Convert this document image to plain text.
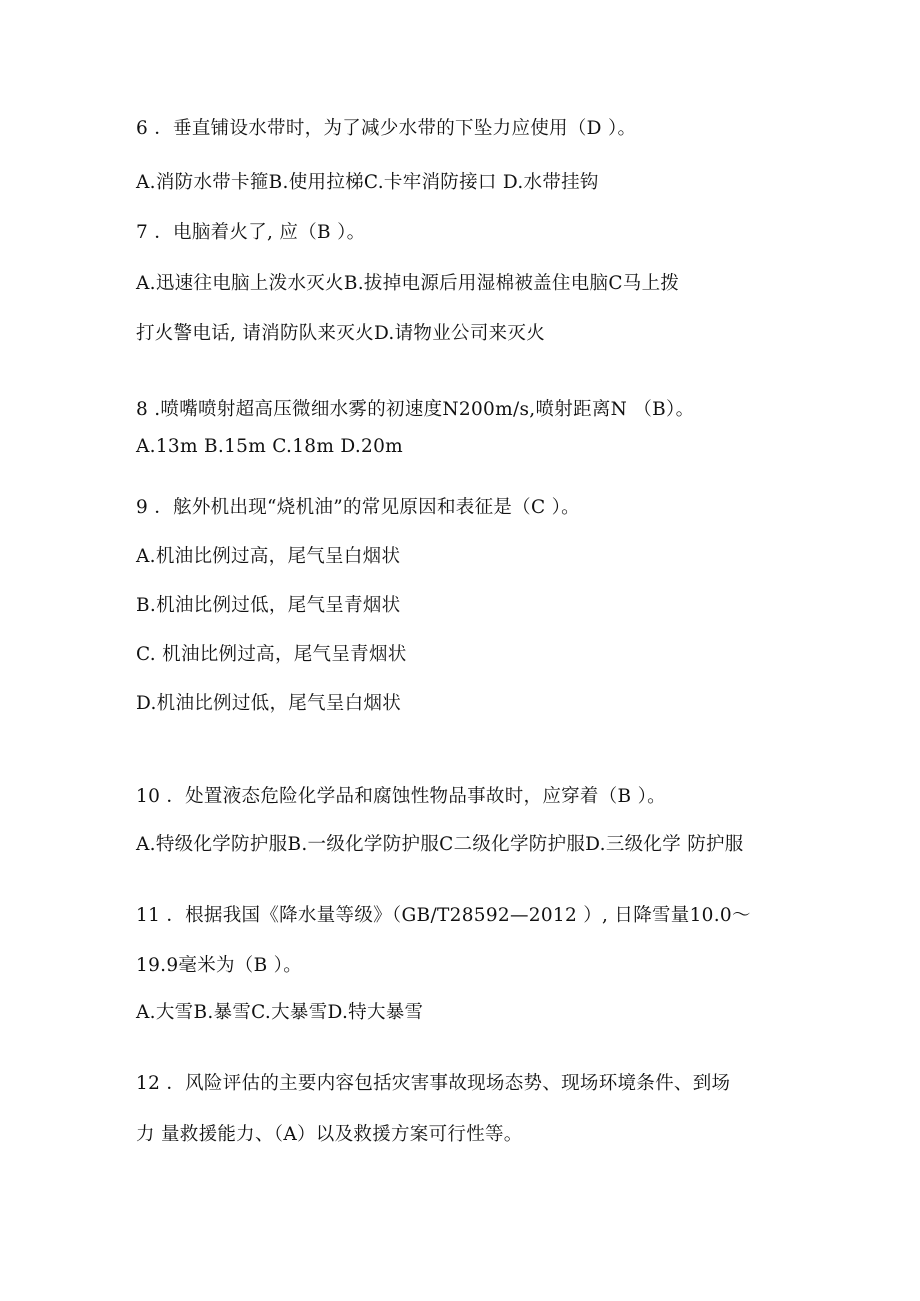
6 ．垂直铺设水带时，为了减少水带的下坠力应使用（D ）。
A.消防水带卡箍B.使用拉梯C.卡牢消防接口 D.水带挂钩
7 ．电脑着火了, 应（B ）。
A.迅速往电脑上泼水灭火B.拔掉电源后用湿棉被盖住电脑C马上拨
打火警电话, 请消防队来灭火D.请物业公司来灭火
8 .喷嘴喷射超高压微细水雾的初速度N200m∕s,喷射距离N （B）。
A.13m B.15m C.18m D.20m
9 ．舷外机出现“烧机油”的常见原因和表征是（C ）。
A.机油比例过高，尾气呈白烟状
B.机油比例过低，尾气呈青烟状
C. 机油比例过高，尾气呈青烟状
D.机油比例过低，尾气呈白烟状
10 ．处置液态危险化学品和腐蚀性物品事故时，应穿着（B ）。
A.特级化学防护服B.一级化学防护服C二级化学防护服D.三级化学 防护服
11 ．根据我国《降水量等级》（GB/T28592—2012 ）, 日降雪量10.0～
19.9毫米为（B ）。
A.大雪B.暴雪C.大暴雪D.特大暴雪
12 ．风险评估的主要内容包括灾害事故现场态势、现场环境条件、到场
力 量救援能力、（A）以及救援方案可行性等。
